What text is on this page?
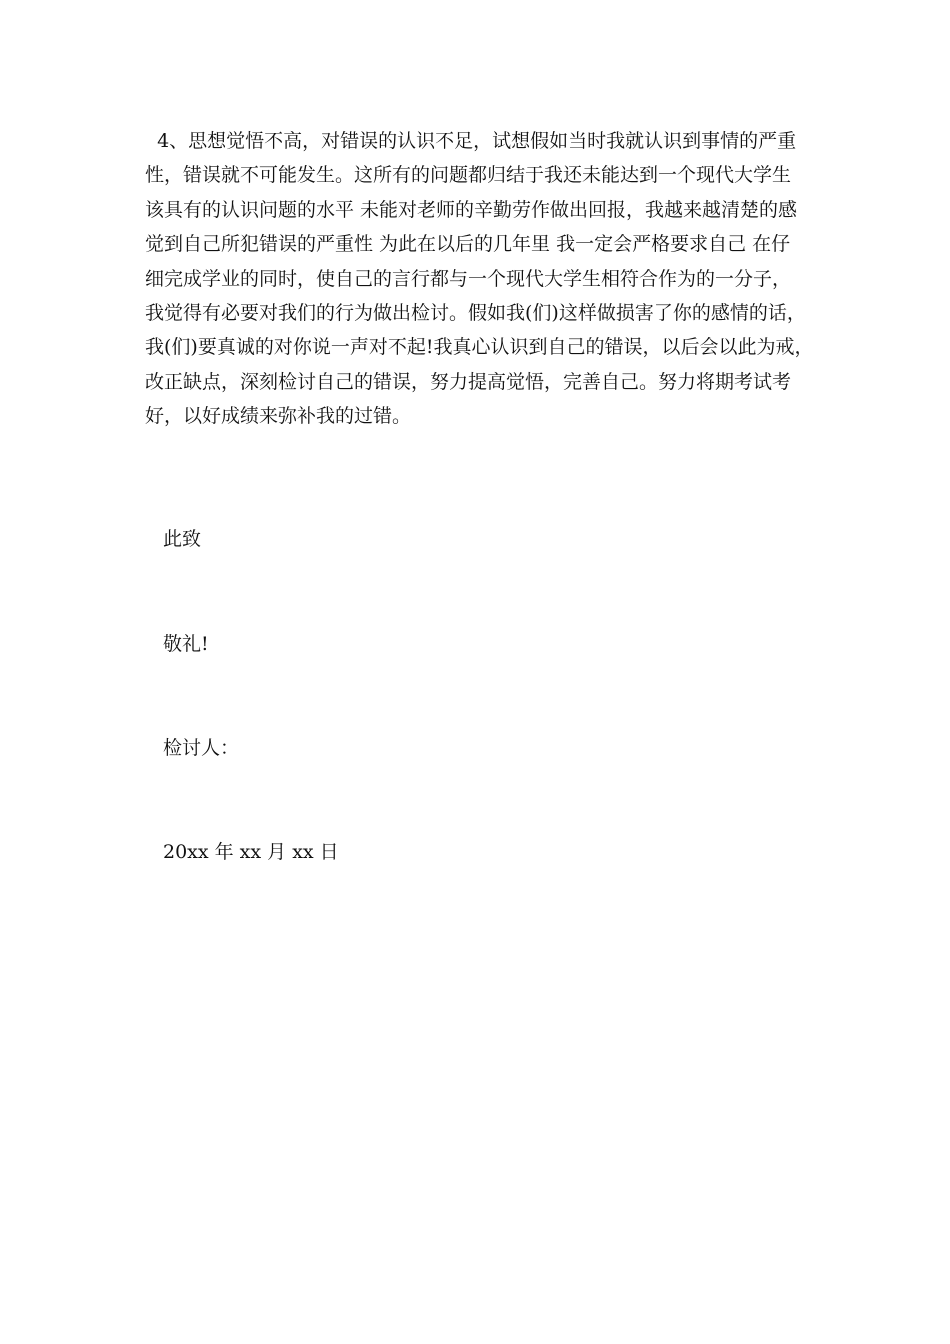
4、思想觉悟不高，对错误的认识不足，试想假如当时我就认识到事情的严重
性，错误就不可能发生。这所有的问题都归结于我还未能达到一个现代大学生
该具有的认识问题的水平 未能对老师的辛勤劳作做出回报，我越来越清楚的感
觉到自己所犯错误的严重性 为此在以后的几年里 我一定会严格要求自己 在仔
细完成学业的同时，使自己的言行都与一个现代大学生相符合作为的一分子，
我觉得有必要对我们的行为做出检讨。假如我(们)这样做损害了你的感情的话，
我(们)要真诚的对你说一声对不起!我真心认识到自己的错误，以后会以此为戒，
改正缺点，深刻检讨自己的错误，努力提高觉悟，完善自己。努力将期考试考
好，以好成绩来弥补我的过错。
此致
敬礼!
检讨人：
20xx 年 xx 月 xx 日
